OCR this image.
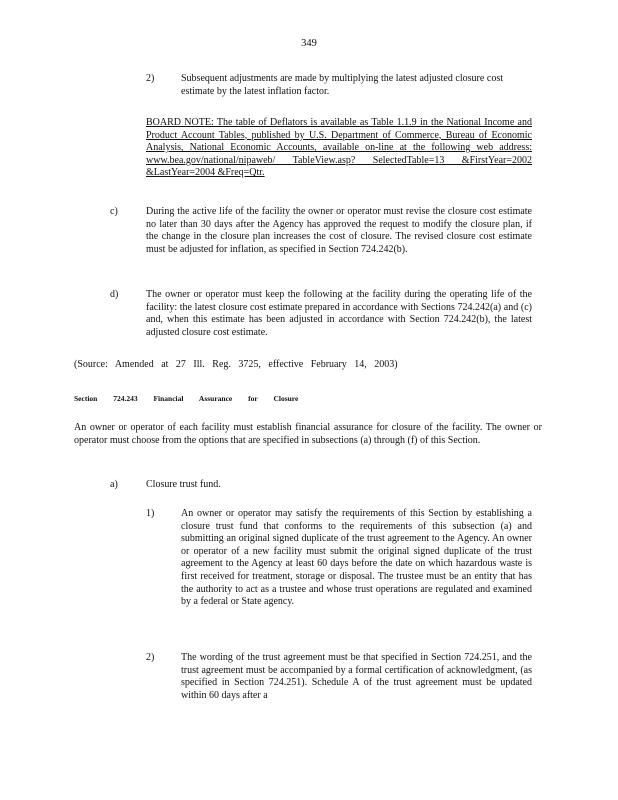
349
2)	Subsequent adjustments are made by multiplying the latest adjusted closure cost estimate by the latest inflation factor.
BOARD NOTE: The table of Deflators is available as Table 1.1.9 in the National Income and Product Account Tables, published by U.S. Department of Commerce, Bureau of Economic Analysis, National Economic Accounts, available on-line at the following web address: www.bea.gov/national/nipaweb/ TableView.asp? SelectedTable=13 &FirstYear=2002 &LastYear=2004 &Freq=Qtr.
c)	During the active life of the facility the owner or operator must revise the closure cost estimate no later than 30 days after the Agency has approved the request to modify the closure plan, if the change in the closure plan increases the cost of closure. The revised closure cost estimate must be adjusted for inflation, as specified in Section 724.242(b).
d)	The owner or operator must keep the following at the facility during the operating life of the facility: the latest closure cost estimate prepared in accordance with Sections 724.242(a) and (c) and, when this estimate has been adjusted in accordance with Section 724.242(b), the latest adjusted closure cost estimate.
(Source: Amended at 27 Ill. Reg. 3725, effective February 14, 2003)
Section 724.243 Financial Assurance for Closure
An owner or operator of each facility must establish financial assurance for closure of the facility. The owner or operator must choose from the options that are specified in subsections (a) through (f) of this Section.
a)	Closure trust fund.
1)	An owner or operator may satisfy the requirements of this Section by establishing a closure trust fund that conforms to the requirements of this subsection (a) and submitting an original signed duplicate of the trust agreement to the Agency. An owner or operator of a new facility must submit the original signed duplicate of the trust agreement to the Agency at least 60 days before the date on which hazardous waste is first received for treatment, storage or disposal. The trustee must be an entity that has the authority to act as a trustee and whose trust operations are regulated and examined by a federal or State agency.
2)	The wording of the trust agreement must be that specified in Section 724.251, and the trust agreement must be accompanied by a formal certification of acknowledgment, (as specified in Section 724.251). Schedule A of the trust agreement must be updated within 60 days after a
